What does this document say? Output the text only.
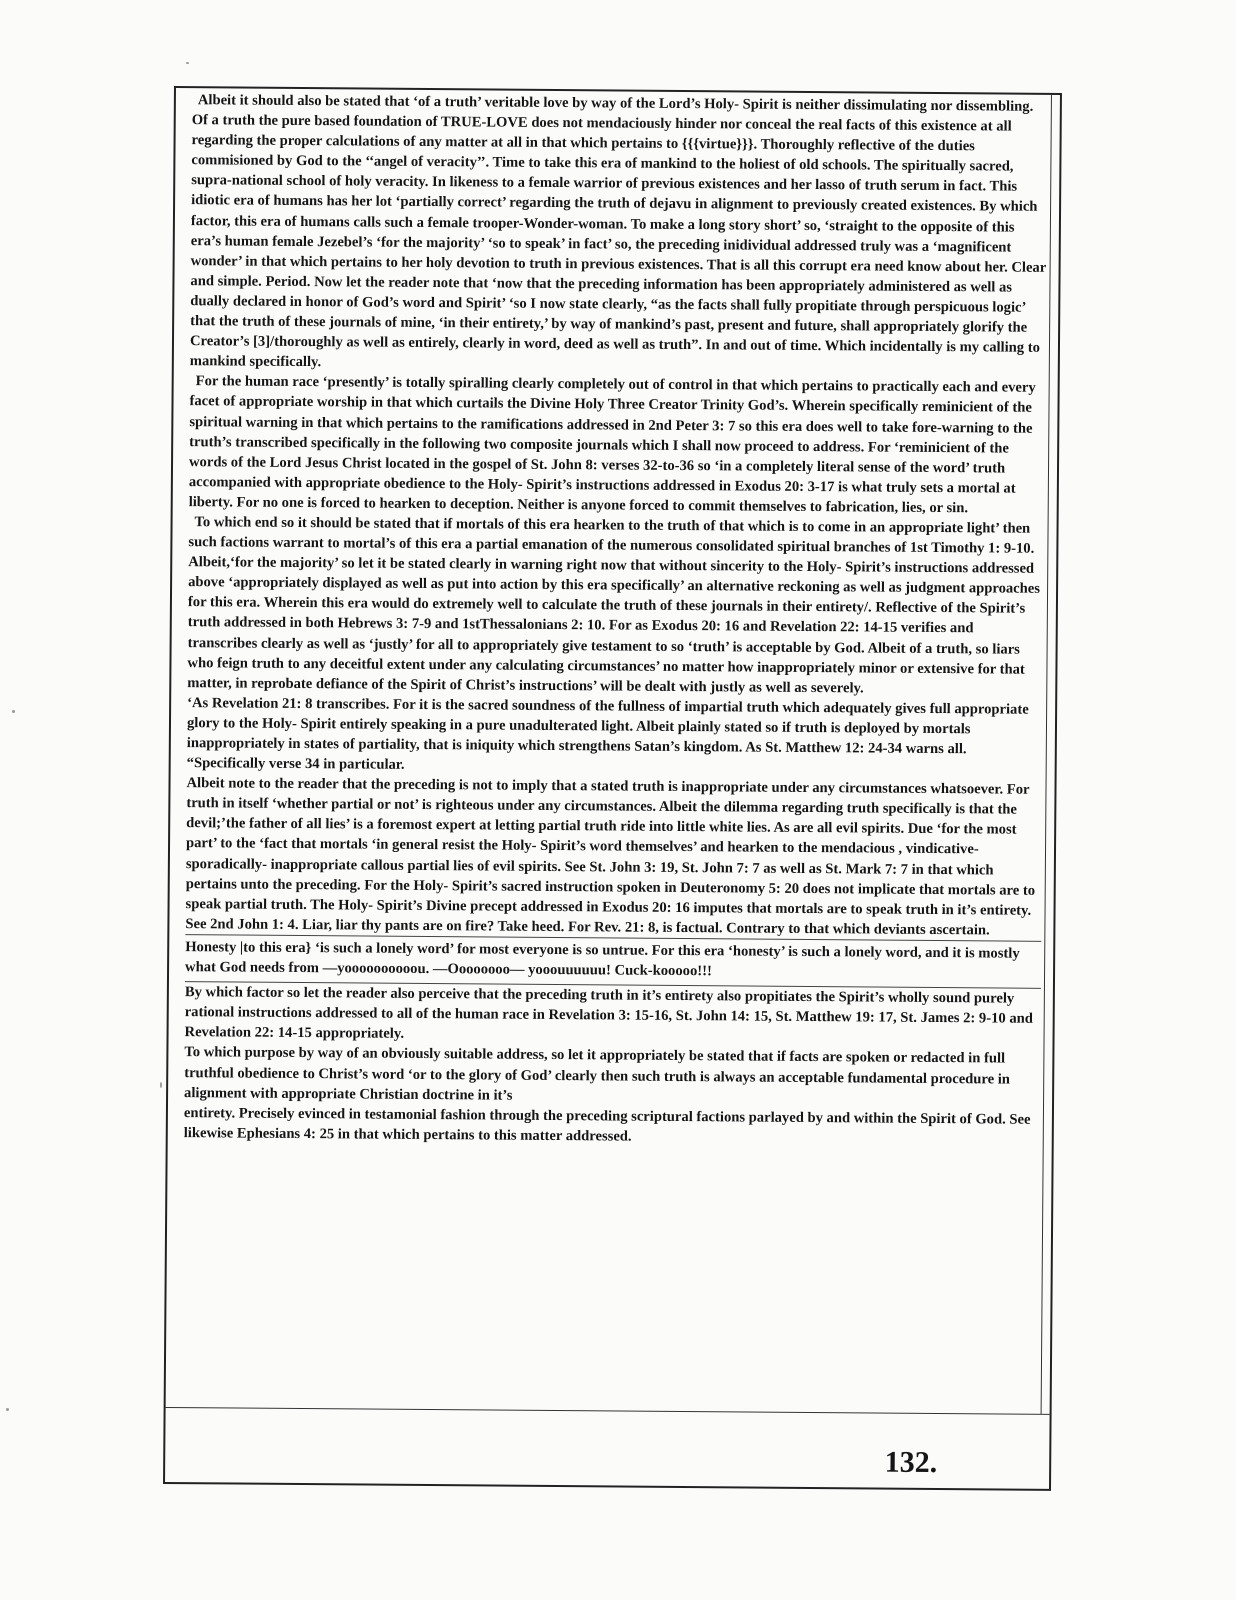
Albeit it should also be stated that ‘of a truth’ veritable love by way of the Lord’s Holy- Spirit is neither dissimulating nor dissembling. Of a truth the pure based foundation of TRUE-LOVE does not mendaciously hinder nor conceal the real facts of this existence at all regarding the proper calculations of any matter at all in that which pertains to {{{virtue}}}. Thoroughly reflective of the duties commisioned by God to the ‘‘angel of veracity’’. Time to take this era of mankind to the holiest of old schools. The spiritually sacred, supra-national school of holy veracity. In likeness to a female warrior of previous existences and her lasso of truth serum in fact. This idiotic era of humans has her lot ‘partially correct’ regarding the truth of dejavu in alignment to previously created existences. By which factor, this era of humans calls such a female trooper-Wonder-woman. To make a long story short’ so, ‘straight to the opposite of this era’s human female Jezebel’s ‘for the majority’ ‘so to speak’ in fact’ so, the preceding inidividual addressed truly was a ‘magnificent wonder’ in that which pertains to her holy devotion to truth in previous existences. That is all this corrupt era need know about her. Clear and simple. Period. Now let the reader note that ‘now that the preceding information has been appropriately administered as well as dually declared in honor of God’s word and Spirit’ ‘so I now state clearly, “as the facts shall fully propitiate through perspicuous logic’ that the truth of these journals of mine, ‘in their entirety,’ by way of mankind’s past, present and future, shall appropriately glorify the Creator’s [3]/thoroughly as well as entirely, clearly in word, deed as well as truth”. In and out of time. Which incidentally is my calling to mankind specifically.

For the human race ‘presently’ is totally spiralling clearly completely out of control in that which pertains to practically each and every facet of appropriate worship in that which curtails the Divine Holy Three Creator Trinity God’s. Wherein specifically reminicient of the spiritual warning in that which pertains to the ramifications addressed in 2nd Peter 3: 7 so this era does well to take fore-warning to the truth’s transcribed specifically in the following two composite journals which I shall now proceed to address. For ‘reminicient of the words of the Lord Jesus Christ located in the gospel of St. John 8: verses 32-to-36 so ‘in a completely literal sense of the word’ truth accompanied with appropriate obedience to the Holy- Spirit’s instructions addressed in Exodus 20: 3-17 is what truly sets a mortal at liberty. For no one is forced to hearken to deception. Neither is anyone forced to commit themselves to fabrication, lies, or sin.

To which end so it should be stated that if mortals of this era hearken to the truth of that which is to come in an appropriate light’ then such factions warrant to mortal’s of this era a partial emanation of the numerous consolidated spiritual branches of 1st Timothy 1: 9-10. Albeit,‘for the majority’ so let it be stated clearly in warning right now that without sincerity to the Holy- Spirit’s instructions addressed above ‘appropriately displayed as well as put into action by this era specifically’ an alternative reckoning as well as judgment approaches for this era. Wherein this era would do extremely well to calculate the truth of these journals in their entirety/. Reflective of the Spirit’s truth addressed in both Hebrews 3: 7-9 and 1stThessalonians 2: 10. For as Exodus 20: 16 and Revelation 22: 14-15 verifies and transcribes clearly as well as ‘justly’ for all to appropriately give testament to so ‘truth’ is acceptable by God. Albeit of a truth, so liars who feign truth to any deceitful extent under any calculating circumstances’ no matter how inappropriately minor or extensive for that matter, in reprobate defiance of the Spirit of Christ’s instructions’ will be dealt with justly as well as severely.

‘As Revelation 21: 8 transcribes. For it is the sacred soundness of the fullness of impartial truth which adequately gives full appropriate glory to the Holy- Spirit entirely speaking in a pure unadulterated light. Albeit plainly stated so if truth is deployed by mortals inappropriately in states of partiality, that is iniquity which strengthens Satan’s kingdom. As St. Matthew 12: 24-34 warns all. “Specifically verse 34 in particular.

Albeit note to the reader that the preceding is not to imply that a stated truth is inappropriate under any circumstances whatsoever. For truth in itself ‘whether partial or not’ is righteous under any circumstances. Albeit the dilemma regarding truth specifically is that the devil;’the father of all lies’ is a foremost expert at letting partial truth ride into little white lies. As are all evil spirits. Due ‘for the most part’ to the ‘fact that mortals ‘in general resist the Holy- Spirit’s word themselves’ and hearken to the mendacious , vindicative-sporadically- inappropriate callous partial lies of evil spirits. See St. John 3: 19, St. John 7: 7 as well as St. Mark 7: 7 in that which pertains unto the preceding. For the Holy- Spirit’s sacred instruction spoken in Deuteronomy 5: 20 does not implicate that mortals are to speak partial truth. The Holy- Spirit’s Divine precept addressed in Exodus 20: 16 imputes that mortals are to speak truth in it’s entirety. See 2nd John 1: 4. Liar, liar thy pants are on fire? Take heed. For Rev. 21: 8, is factual. Contrary to that which deviants ascertain.

Honesty |to this era} ‘is such a lonely word’ for most everyone is so untrue. For this era ‘honesty’ is such a lonely word, and it is mostly what God needs from —yoooooooooou. —Oooooooo— yooouuuuuu! Cuck-kooooo!!!

By which factor so let the reader also perceive that the preceding truth in it’s entirety also propitiates the Spirit’s wholly sound purely rational instructions addressed to all of the human race in Revelation 3: 15-16, St. John 14: 15, St. Matthew 19: 17, St. James 2: 9-10 and Revelation 22: 14-15 appropriately.

To which purpose by way of an obviously suitable address, so let it appropriately be stated that if facts are spoken or redacted in full truthful obedience to Christ’s word ‘or to the glory of God’ clearly then such truth is always an acceptable fundamental procedure in alignment with appropriate Christian doctrine in it’s

entirety. Precisely evinced in testamonial fashion through the preceding scriptural factions parlayed by and within the Spirit of God. See likewise Ephesians 4: 25 in that which pertains to this matter addressed.

132.
